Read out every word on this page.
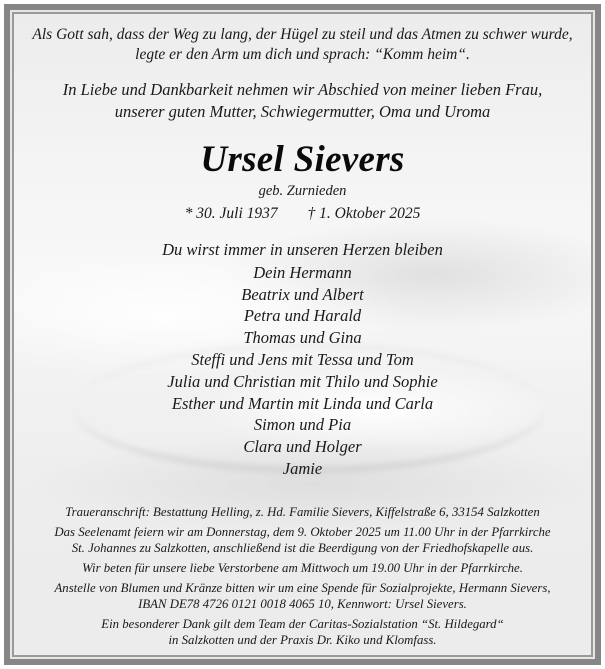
Als Gott sah, dass der Weg zu lang, der Hügel zu steil und das Atmen zu schwer wurde,
legte er den Arm um dich und sprach: “Komm heim“.
In Liebe und Dankbarkeit nehmen wir Abschied von meiner lieben Frau,
unserer guten Mutter, Schwiegermutter, Oma und Uroma
Ursel Sievers
geb. Zurnieden
* 30. Juli 1937 † 1. Oktober 2025
Du wirst immer in unseren Herzen bleiben
Dein Hermann
Beatrix und Albert
Petra und Harald
Thomas und Gina
Steffi und Jens mit Tessa und Tom
Julia und Christian mit Thilo und Sophie
Esther und Martin mit Linda und Carla
Simon und Pia
Clara und Holger
Jamie
Traueranschrift: Bestattung Helling, z. Hd. Familie Sievers, Kiffelstraße 6, 33154 Salzkotten
Das Seelenamt feiern wir am Donnerstag, dem 9. Oktober 2025 um 11.00 Uhr in der Pfarrkirche
St. Johannes zu Salzkotten, anschließend ist die Beerdigung von der Friedhofskapelle aus.
Wir beten für unsere liebe Verstorbene am Mittwoch um 19.00 Uhr in der Pfarrkirche.
Anstelle von Blumen und Kränze bitten wir um eine Spende für Sozialprojekte, Hermann Sievers,
IBAN DE78 4726 0121 0018 4065 10, Kennwort: Ursel Sievers.
Ein besonderer Dank gilt dem Team der Caritas-Sozialstation “St. Hildegard“
in Salzkotten und der Praxis Dr. Kiko und Klomfass.
